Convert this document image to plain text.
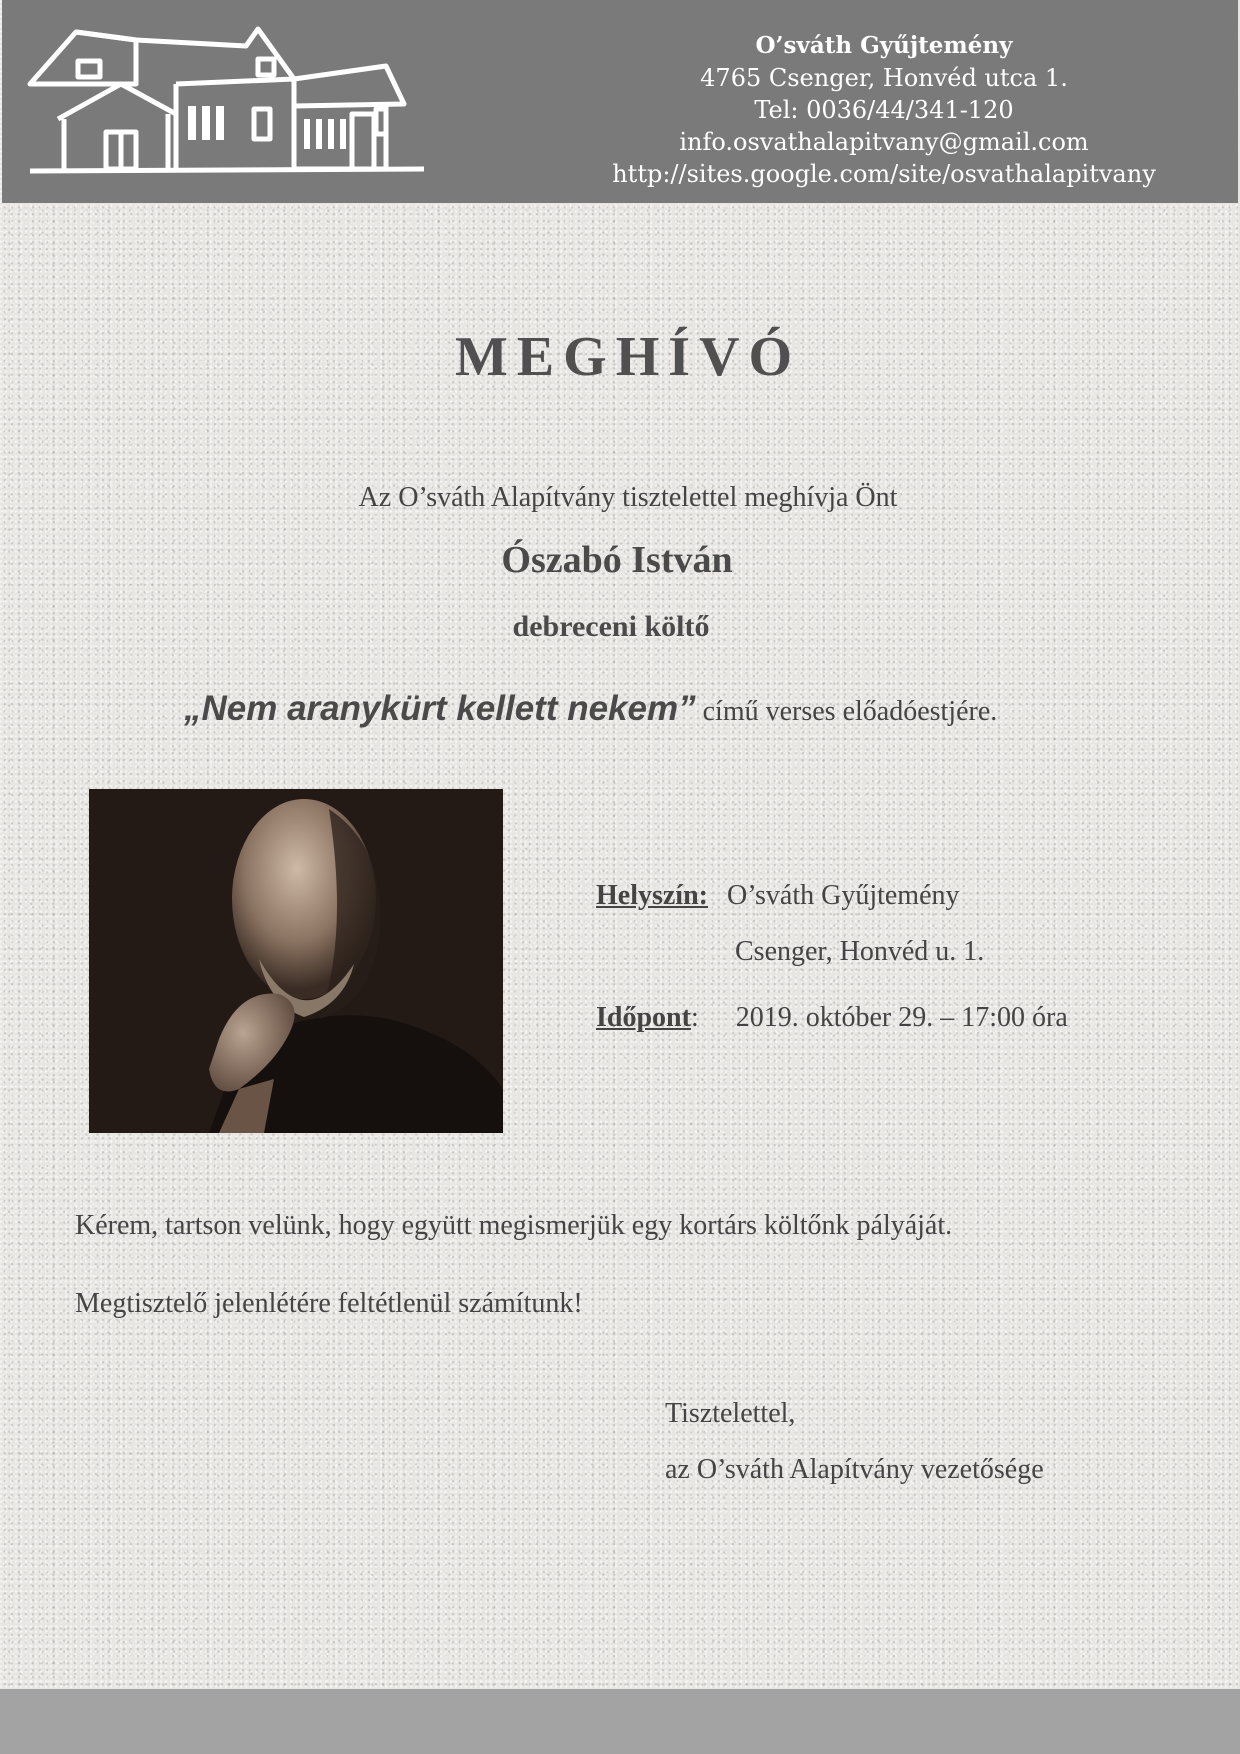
O’sváth Gyűjtemény
4765 Csenger, Honvéd utca 1.
Tel: 0036/44/341-120
info.osvathalapitvany@gmail.com
http://sites.google.com/site/osvathalapitvany
MEGHÍVÓ
Az O’sváth Alapítvány tisztelettel meghívja Önt
Ószabó István
debreceni költő
„Nem aranykürt kellett nekem” című verses előadóestjére.
Helyszín: O’sváth Gyűjtemény
Csenger, Honvéd u. 1.
Időpont: 2019. október 29. – 17:00 óra
Kérem, tartson velünk, hogy együtt megismerjük egy kortárs költőnk pályáját.
Megtisztelő jelenlétére feltétlenül számítunk!
Tisztelettel,
az O’sváth Alapítvány vezetősége
